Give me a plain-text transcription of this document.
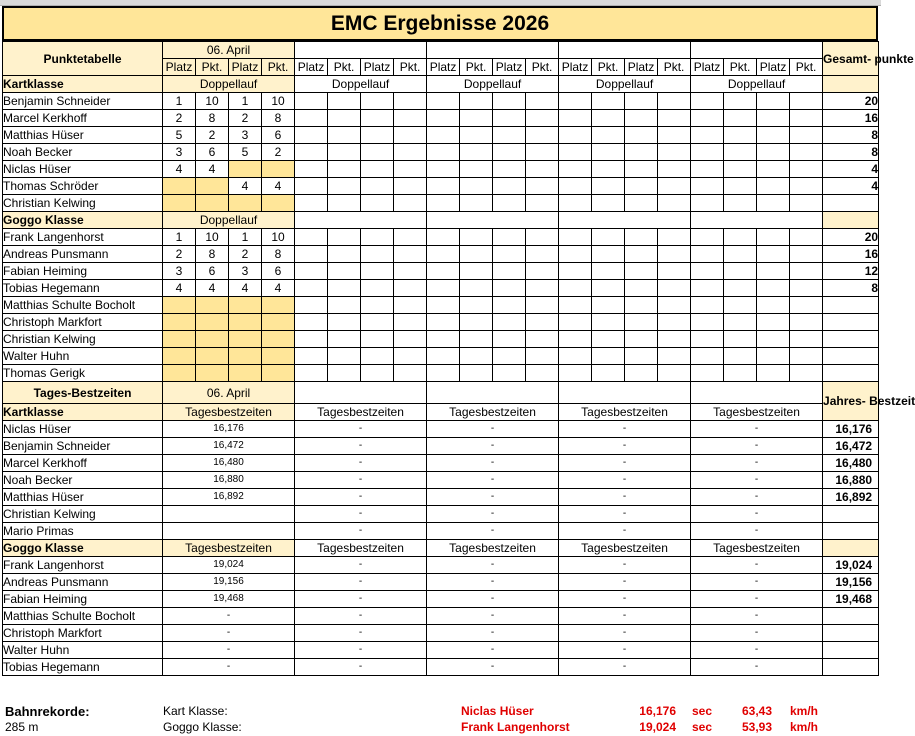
EMC Ergebnisse 2026
Punktetabelle	06. April																				Gesamt- punkte
	Platz	Pkt.	Platz	Pkt.	Platz	Pkt.	Platz	Pkt.	Platz	Pkt.	Platz	Pkt.	Platz	Pkt.	Platz	Pkt.	Platz	Pkt.	Platz	Pkt.	
Kartklasse	Doppellauf				Doppellauf				Doppellauf				Doppellauf				Doppellauf				
Benjamin Schneider	1	10	1	10																	20
Marcel Kerkhoff	2	8	2	8																	16
Matthias Hüser	5	2	3	6																	8
Noah Becker	3	6	5	2																	8
Niclas Hüser	4	4																			4
Thomas Schröder			4	4																	4
Christian Kelwing																					
Goggo Klasse	Doppellauf																				
Frank Langenhorst	1	10	1	10																	20
Andreas Punsmann	2	8	2	8																	16
Fabian Heiming	3	6	3	6																	12
Tobias Hegemann	4	4	4	4																	8
Matthias Schulte Bocholt																					
Christoph Markfort																					
Christian Kelwing																					
Walter Huhn																					
Thomas Gerigk																					
Tages-Bestzeiten	06. April																				Jahres- Bestzeit
Kartklasse	Tagesbestzeiten				Tagesbestzeiten				Tagesbestzeiten				Tagesbestzeiten				Tagesbestzeiten				
Niclas Hüser	16,176				-				-				-				-				16,176
Benjamin Schneider	16,472				-				-				-				-				16,472
Marcel Kerkhoff	16,480				-				-				-				-				16,480
Noah Becker	16,880				-				-				-				-				16,880
Matthias Hüser	16,892				-				-				-				-				16,892
Christian Kelwing					-				-				-				-				
Mario Primas					-				-				-				-				
Goggo Klasse	Tagesbestzeiten				Tagesbestzeiten				Tagesbestzeiten				Tagesbestzeiten				Tagesbestzeiten				
Frank Langenhorst	19,024				-				-				-				-				19,024
Andreas Punsmann	19,156				-				-				-				-				19,156
Fabian Heiming	19,468				-				-				-				-				19,468
Matthias Schulte Bocholt	-				-				-				-				-				
Christoph Markfort	-				-				-				-				-				
Walter Huhn	-				-				-				-				-				
Tobias Hegemann	-				-				-				-				-				
Bahnrekorde:
285 m
Kart Klasse:
Goggo Klasse:
Niclas Hüser	16,176 sec	63,43 km/h
Frank Langenhorst	19,024 sec	53,93 km/h
